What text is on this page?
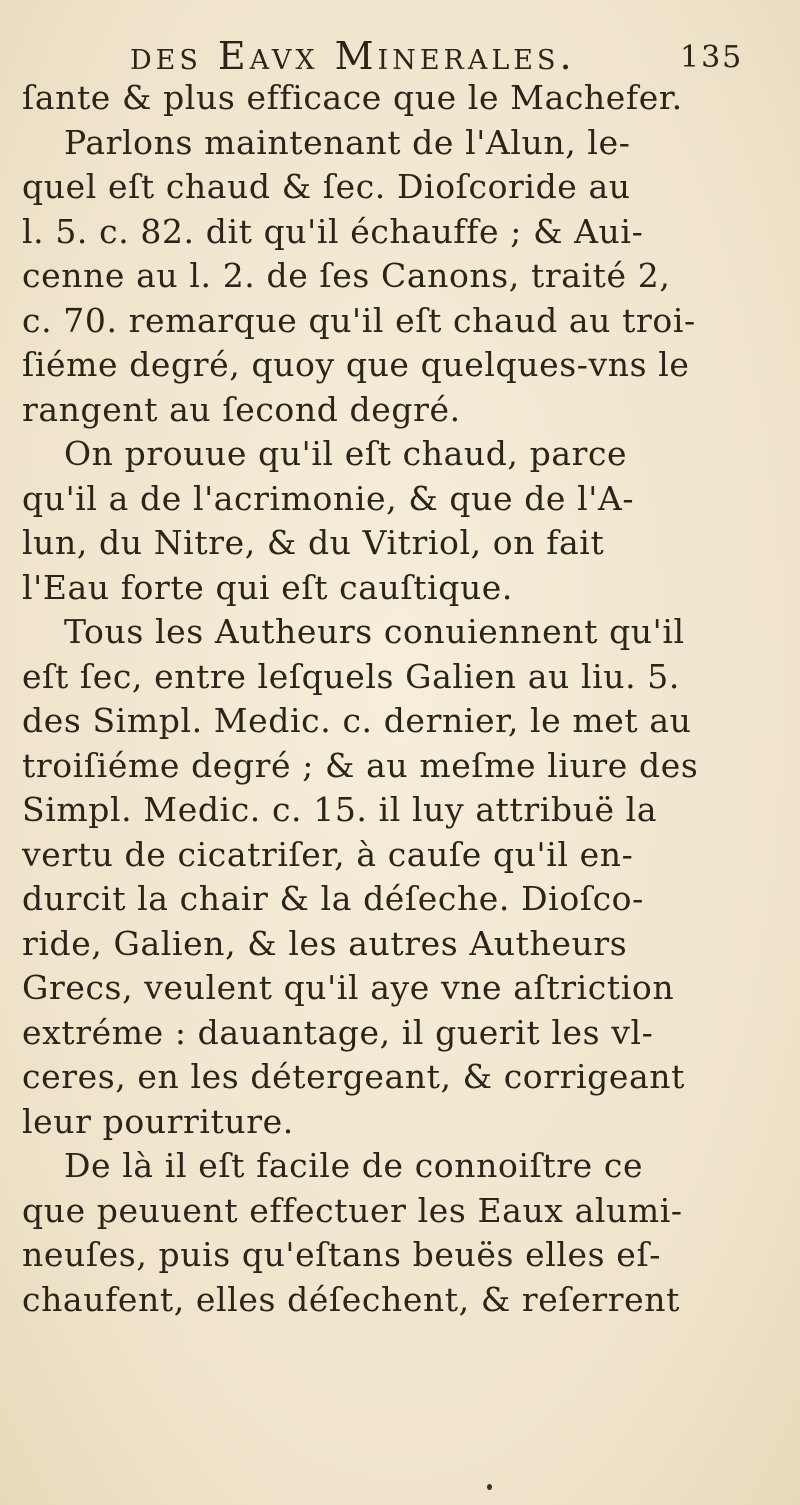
des Eavx Minerales.	135
ſante & plus efficace que le Machefer.
Parlons maintenant de l'Alun, le-
quel eſt chaud & ſec. Dioſcoride au
l. 5. c. 82. dit qu'il échauffe ; & Aui-
cenne au l. 2. de ſes Canons, traité 2,
c. 70. remarque qu'il eſt chaud au troi-
ſiéme degré, quoy que quelques-vns le
rangent au ſecond degré.
On prouue qu'il eſt chaud, parce
qu'il a de l'acrimonie, & que de l'A-
lun, du Nitre, & du Vitriol, on fait
l'Eau forte qui eſt cauſtique.
Tous les Autheurs conuiennent qu'il
eſt ſec, entre leſquels Galien au liu. 5.
des Simpl. Medic. c. dernier, le met au
troiſiéme degré ; & au meſme liure des
Simpl. Medic. c. 15. il luy attribuë la
vertu de cicatriſer, à cauſe qu'il en-
durcit la chair & la déſeche. Dioſco-
ride, Galien, & les autres Autheurs
Grecs, veulent qu'il aye vne aſtriction
extréme : dauantage, il guerit les vl-
ceres, en les détergeant, & corrigeant
leur pourriture.
De là il eſt facile de connoiſtre ce
que peuuent effectuer les Eaux alumi-
neuſes, puis qu'eſtans beuës elles eſ-
chaufent, elles déſechent, & reſerrent
